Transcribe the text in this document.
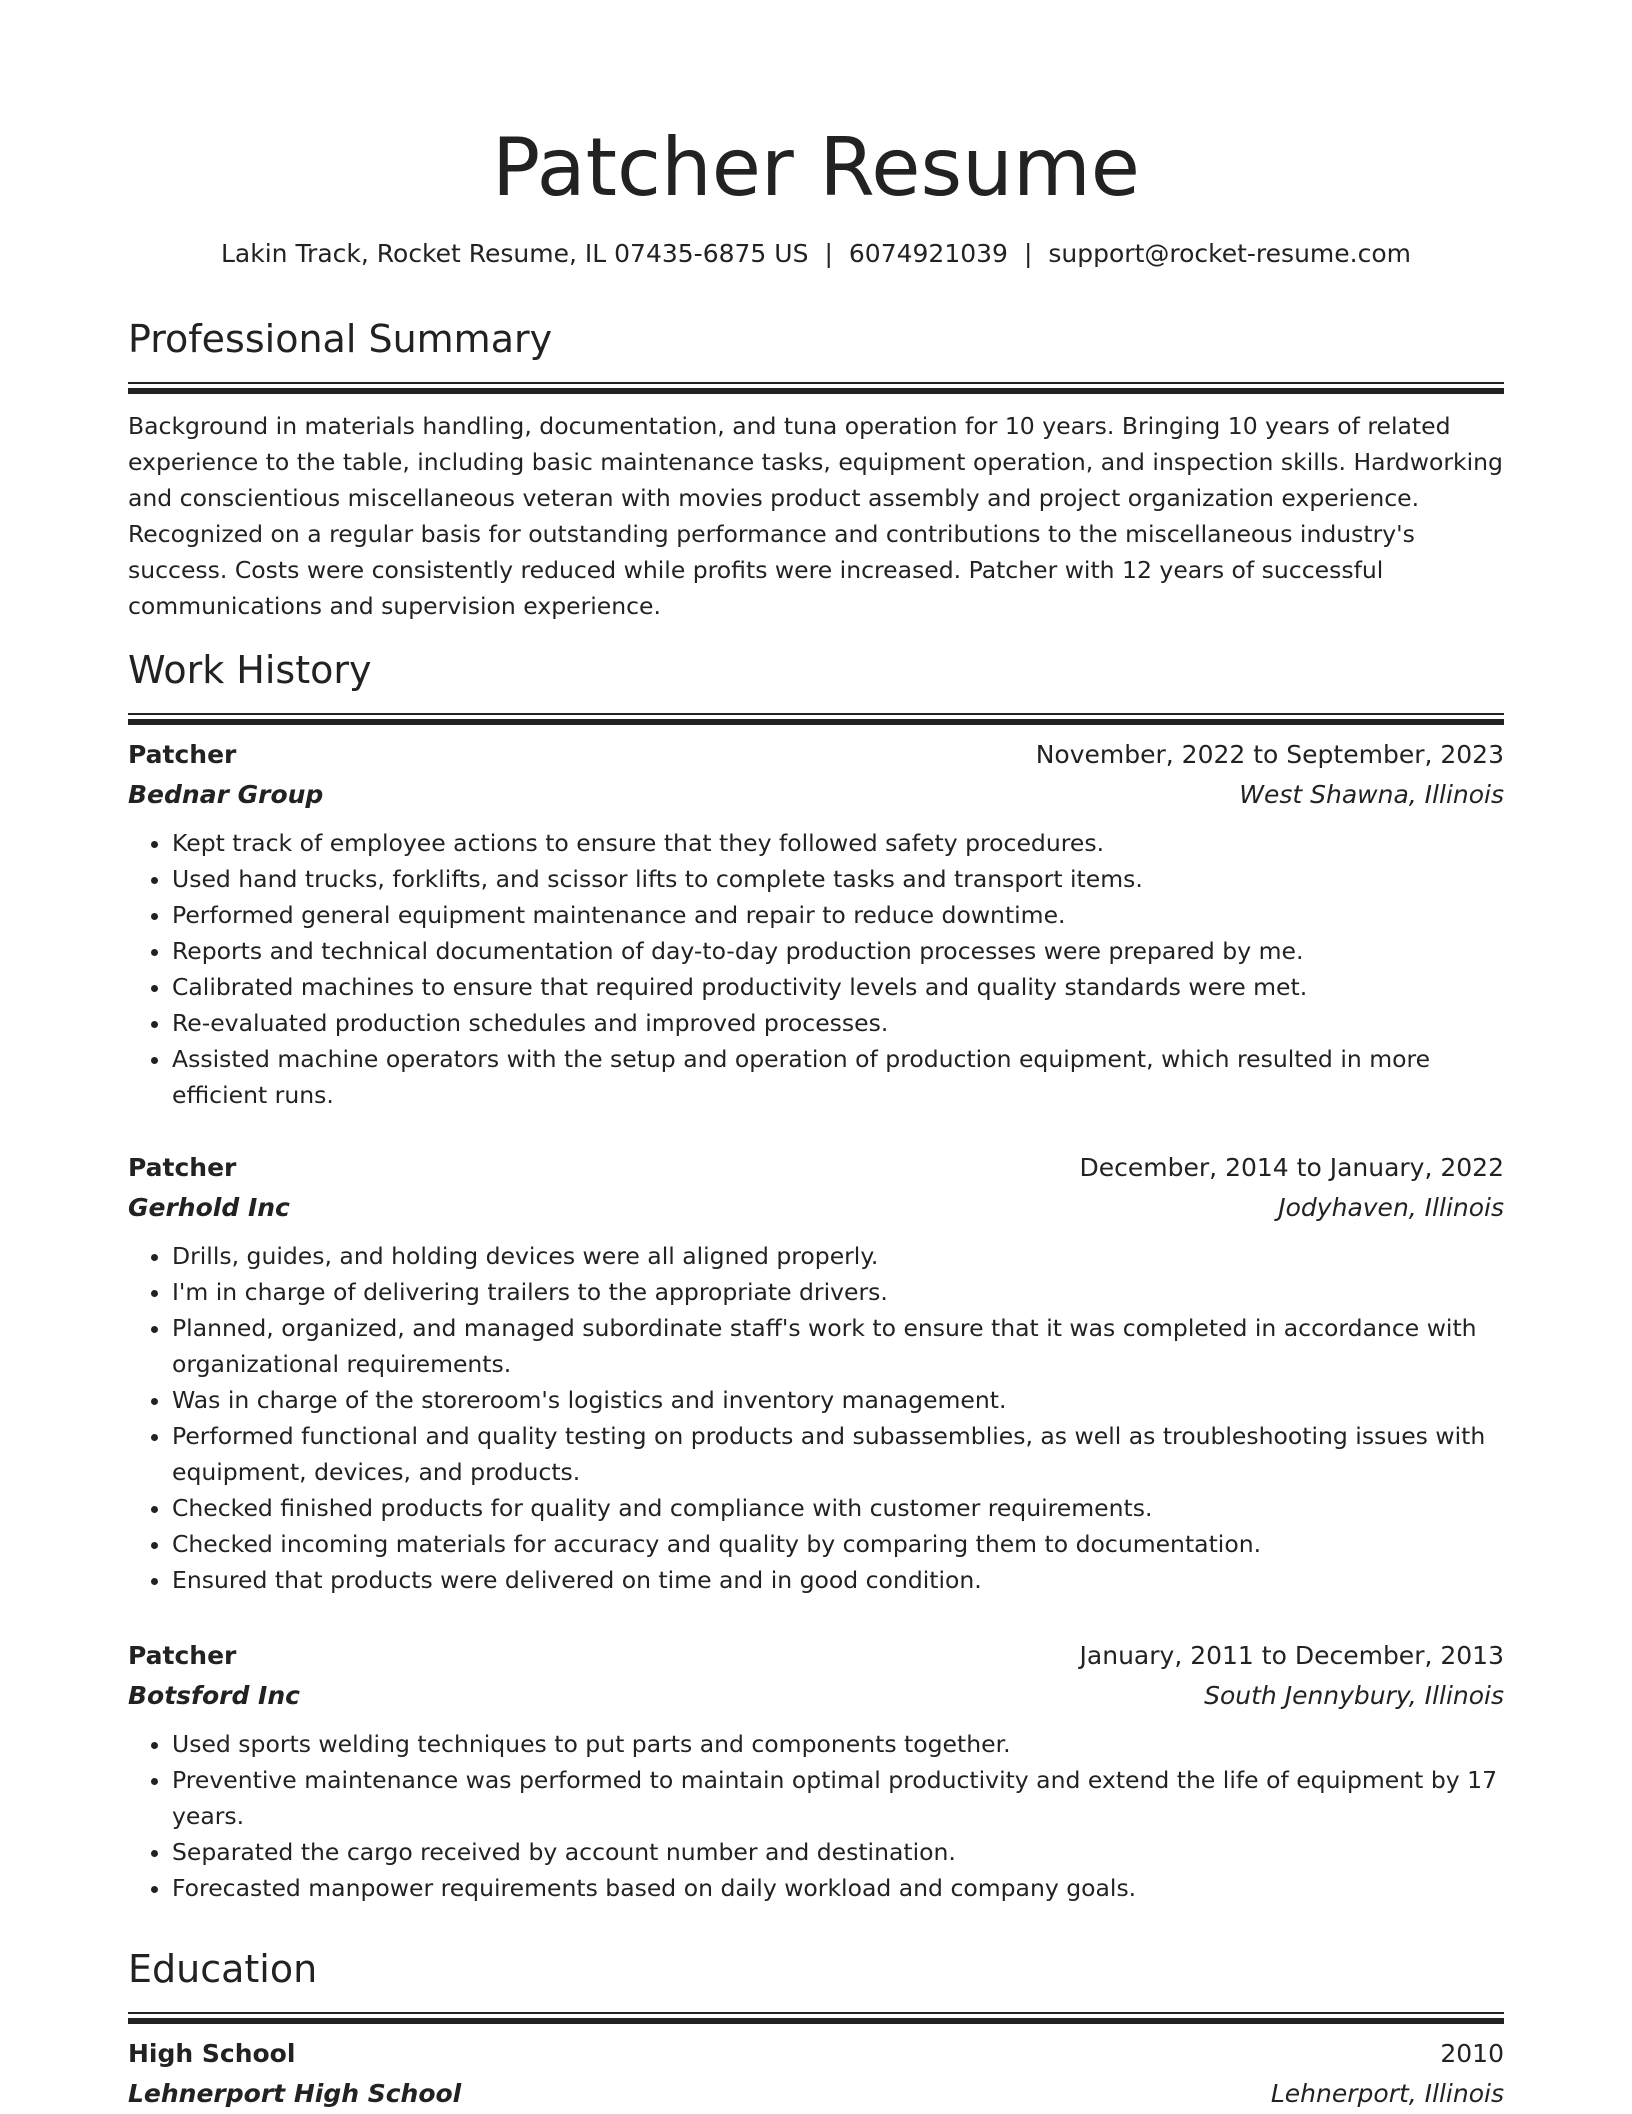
Patcher Resume
Lakin Track, Rocket Resume, IL 07435-6875 US | 6074921039 | support@rocket-resume.com
Professional Summary

Background in materials handling, documentation, and tuna operation for 10 years. Bringing 10 years of related experience to the table, including basic maintenance tasks, equipment operation, and inspection skills. Hardworking and conscientious miscellaneous veteran with movies product assembly and project organization experience. Recognized on a regular basis for outstanding performance and contributions to the miscellaneous industry's success. Costs were consistently reduced while profits were increased. Patcher with 12 years of successful communications and supervision experience.

Work History
Patcher	November, 2022 to September, 2023
Bednar Group	West Shawna, Illinois
• Kept track of employee actions to ensure that they followed safety procedures.
• Used hand trucks, forklifts, and scissor lifts to complete tasks and transport items.
• Performed general equipment maintenance and repair to reduce downtime.
• Reports and technical documentation of day-to-day production processes were prepared by me.
• Calibrated machines to ensure that required productivity levels and quality standards were met.
• Re-evaluated production schedules and improved processes.
• Assisted machine operators with the setup and operation of production equipment, which resulted in more efficient runs.
Patcher	December, 2014 to January, 2022
Gerhold Inc	Jodyhaven, Illinois
• Drills, guides, and holding devices were all aligned properly.
• I'm in charge of delivering trailers to the appropriate drivers.
• Planned, organized, and managed subordinate staff's work to ensure that it was completed in accordance with organizational requirements.
• Was in charge of the storeroom's logistics and inventory management.
• Performed functional and quality testing on products and subassemblies, as well as troubleshooting issues with equipment, devices, and products.
• Checked finished products for quality and compliance with customer requirements.
• Checked incoming materials for accuracy and quality by comparing them to documentation.
• Ensured that products were delivered on time and in good condition.
Patcher	January, 2011 to December, 2013
Botsford Inc	South Jennybury, Illinois
• Used sports welding techniques to put parts and components together.
• Preventive maintenance was performed to maintain optimal productivity and extend the life of equipment by 17 years.
• Separated the cargo received by account number and destination.
• Forecasted manpower requirements based on daily workload and company goals.
Education
High School	2010
Lehnerport High School	Lehnerport, Illinois
